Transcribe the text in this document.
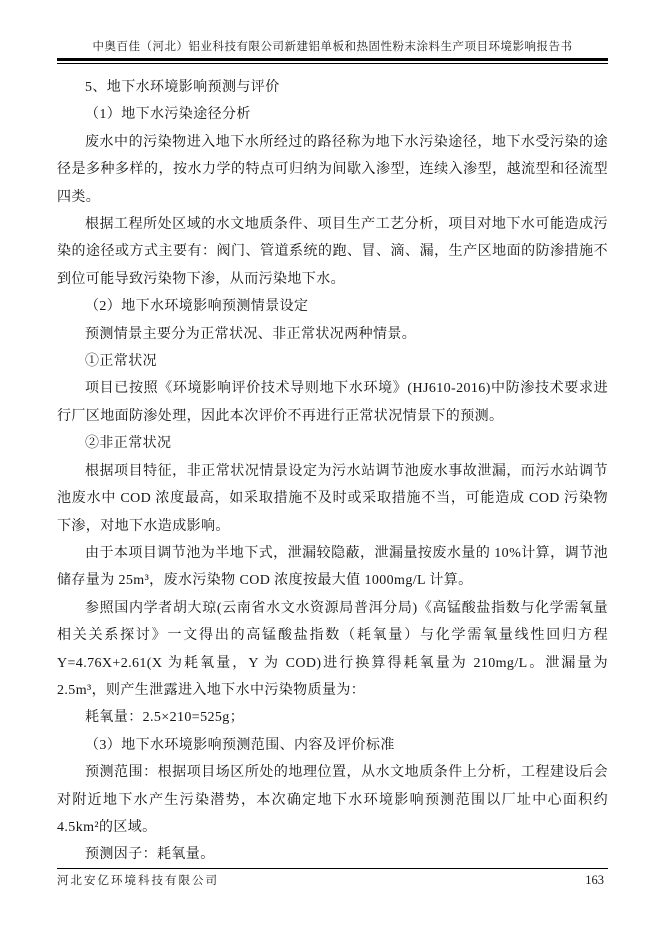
中奥百佳（河北）铝业科技有限公司新建铝单板和热固性粉末涂料生产项目环境影响报告书

5、地下水环境影响预测与评价

（1）地下水污染途径分析

废水中的污染物进入地下水所经过的路径称为地下水污染途径，地下水受污染的途径是多种多样的，按水力学的特点可归纳为间歇入渗型，连续入渗型，越流型和径流型四类。

根据工程所处区域的水文地质条件、项目生产工艺分析，项目对地下水可能造成污染的途径或方式主要有：阀门、管道系统的跑、冒、滴、漏，生产区地面的防渗措施不到位可能导致污染物下渗，从而污染地下水。

（2）地下水环境影响预测情景设定

预测情景主要分为正常状况、非正常状况两种情景。

①正常状况

项目已按照《环境影响评价技术导则地下水环境》(HJ610-2016)中防渗技术要求进行厂区地面防渗处理，因此本次评价不再进行正常状况情景下的预测。

②非正常状况

根据项目特征，非正常状况情景设定为污水站调节池废水事故泄漏，而污水站调节池废水中 COD 浓度最高，如采取措施不及时或采取措施不当，可能造成 COD 污染物下渗，对地下水造成影响。

由于本项目调节池为半地下式，泄漏较隐蔽，泄漏量按废水量的 10%计算，调节池储存量为 25m³，废水污染物 COD 浓度按最大值 1000mg/L 计算。

参照国内学者胡大琼(云南省水文水资源局普洱分局)《高锰酸盐指数与化学需氧量相关关系探讨》一文得出的高锰酸盐指数（耗氧量）与化学需氧量线性回归方程 Y=4.76X+2.61(X 为耗氧量，Y 为 COD)进行换算得耗氧量为 210mg/L。泄漏量为 2.5m³，则产生泄露进入地下水中污染物质量为：

耗氧量：2.5×210=525g；

（3）地下水环境影响预测范围、内容及评价标准

预测范围：根据项目场区所处的地理位置，从水文地质条件上分析，工程建设后会对附近地下水产生污染潜势，本次确定地下水环境影响预测范围以厂址中心面积约 4.5km²的区域。

预测因子：耗氧量。

河北安亿环境科技有限公司	163
